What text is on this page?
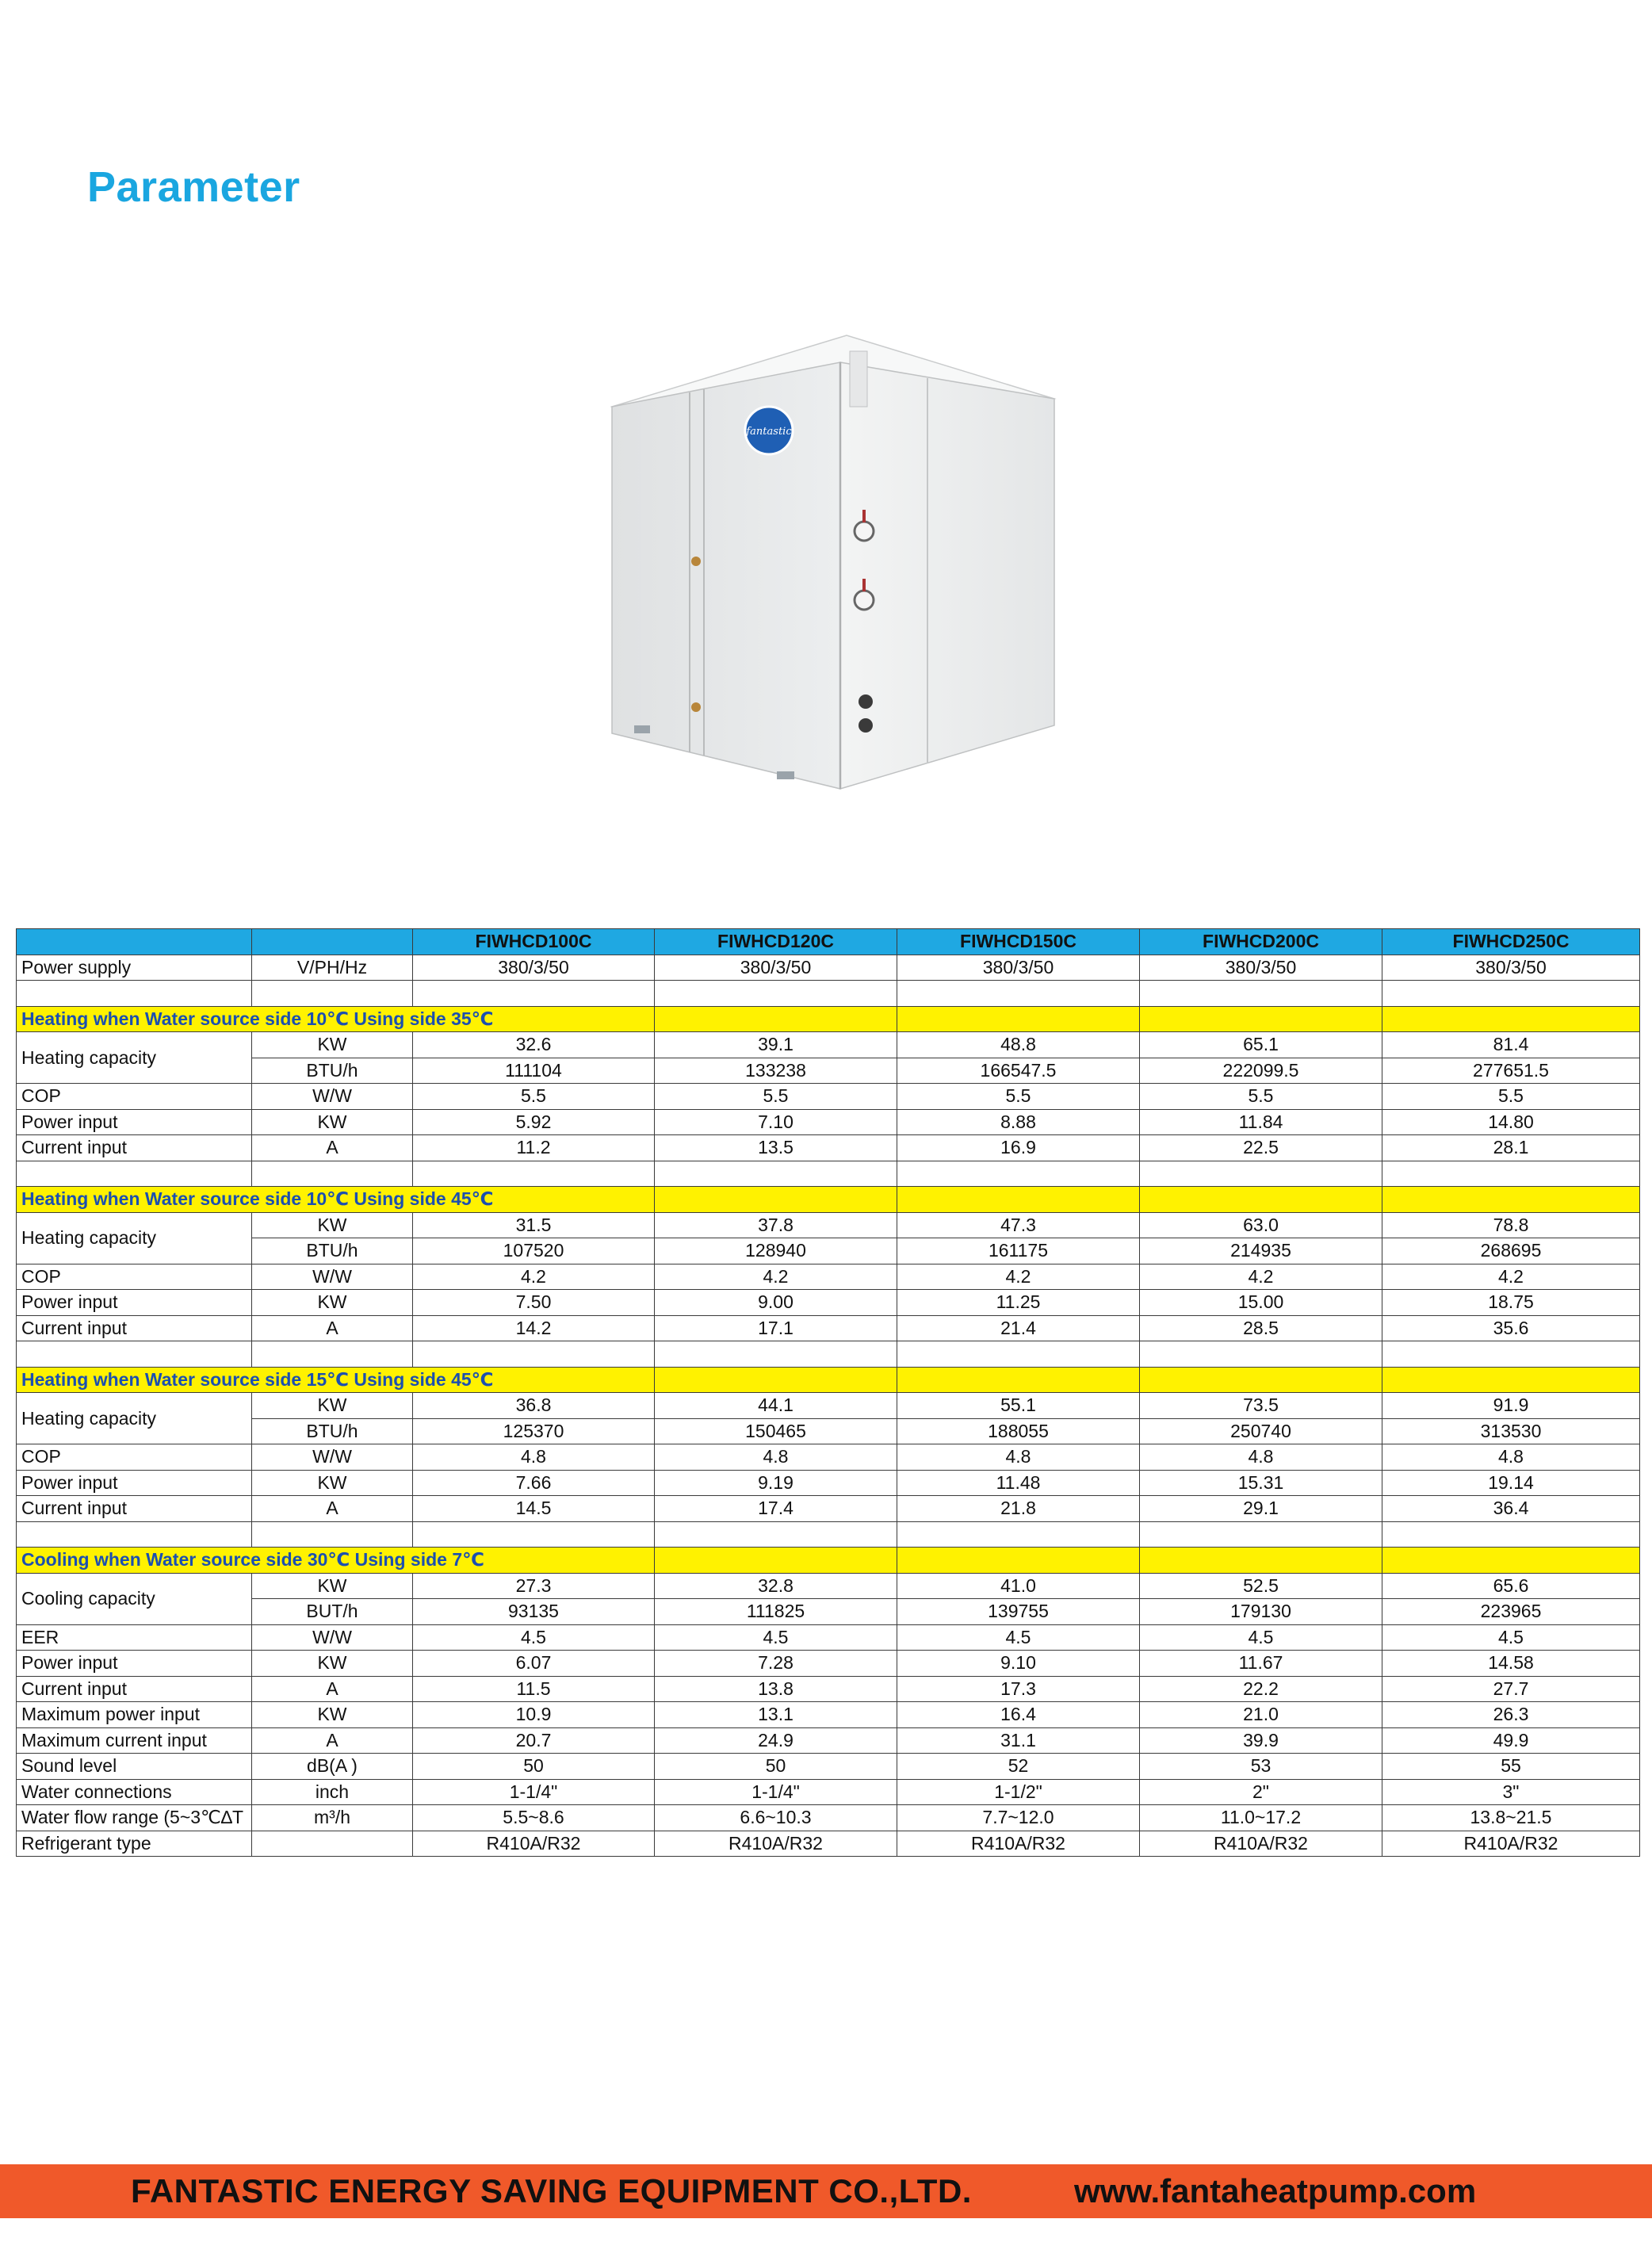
Parameter
fantastic
		FIWHCD100C	FIWHCD120C	FIWHCD150C	FIWHCD200C	FIWHCD250C
Power supply	V/PH/Hz	380/3/50	380/3/50	380/3/50	380/3/50	380/3/50

Heating when Water source side 10℃ Using side 35℃						
Heating capacity	KW	32.6	39.1	48.8	65.1	81.4
	BTU/h	111104	133238	166547.5	222099.5	277651.5
COP	W/W	5.5	5.5	5.5	5.5	5.5
Power input	KW	5.92	7.10	8.88	11.84	14.80
Current input	A	11.2	13.5	16.9	22.5	28.1

Heating when Water source side 10℃ Using side 45℃						
Heating capacity	KW	31.5	37.8	47.3	63.0	78.8
	BTU/h	107520	128940	161175	214935	268695
COP	W/W	4.2	4.2	4.2	4.2	4.2
Power input	KW	7.50	9.00	11.25	15.00	18.75
Current input	A	14.2	17.1	21.4	28.5	35.6

Heating when Water source side 15℃ Using side 45℃						
Heating capacity	KW	36.8	44.1	55.1	73.5	91.9
	BTU/h	125370	150465	188055	250740	313530
COP	W/W	4.8	4.8	4.8	4.8	4.8
Power input	KW	7.66	9.19	11.48	15.31	19.14
Current input	A	14.5	17.4	21.8	29.1	36.4

Cooling when Water source side 30℃ Using side 7℃						
Cooling capacity	KW	27.3	32.8	41.0	52.5	65.6
	BUT/h	93135	111825	139755	179130	223965
EER	W/W	4.5	4.5	4.5	4.5	4.5
Power input	KW	6.07	7.28	9.10	11.67	14.58
Current input	A	11.5	13.8	17.3	22.2	27.7
Maximum power input	KW	10.9	13.1	16.4	21.0	26.3
Maximum current input	A	20.7	24.9	31.1	39.9	49.9
Sound level	dB(A )	50	50	52	53	55
Water connections	inch	1-1/4"	1-1/4"	1-1/2"	2"	3"
Water flow range (5~3℃∆T	m³/h	5.5~8.6	6.6~10.3	7.7~12.0	11.0~17.2	13.8~21.5
Refrigerant type		R410A/R32	R410A/R32	R410A/R32	R410A/R32	R410A/R32
FANTASTIC ENERGY SAVING EQUIPMENT CO.,LTD.	www.fantaheatpump.com
